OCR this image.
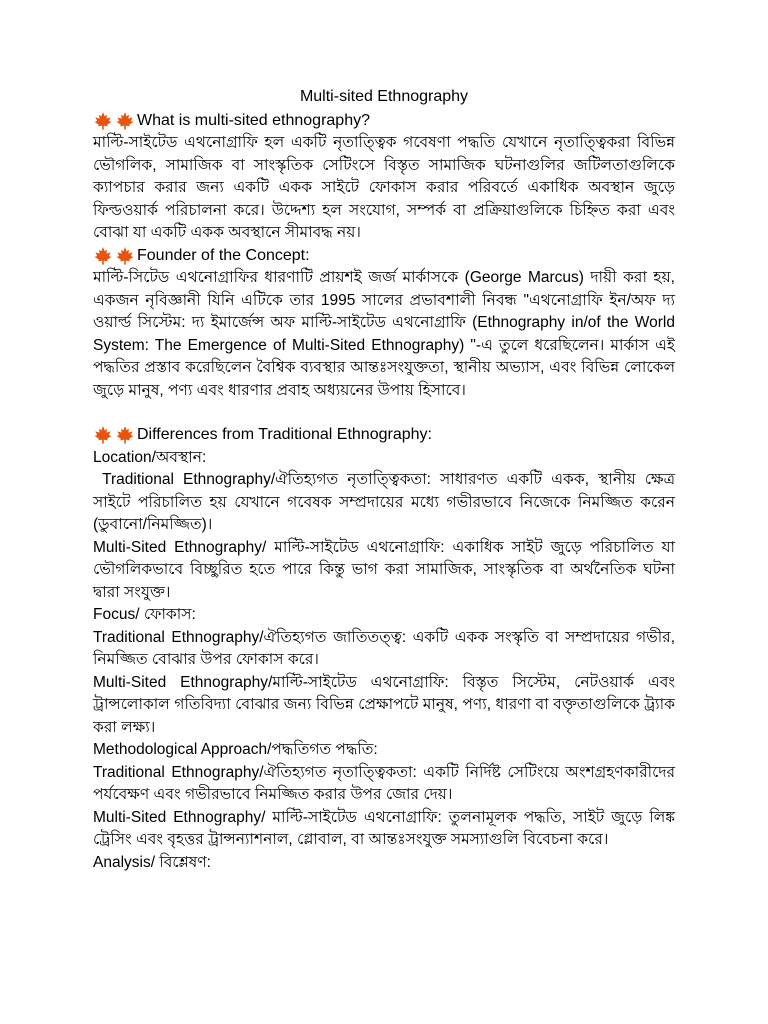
Multi-sited Ethnography

What is multi-sited ethnography?

মাল্টি-সাইটেড এথনোগ্রাফি হল একটি নৃতাত্ত্বিক গবেষণা পদ্ধতি যেখানে নৃতাত্ত্বিকরা বিভিন্ন ভৌগলিক, সামাজিক বা সাংস্কৃতিক সেটিংসে বিস্তৃত সামাজিক ঘটনাগুলির জটিলতাগুলিকে ক্যাপচার করার জন্য একটি একক সাইটে ফোকাস করার পরিবর্তে একাধিক অবস্থান জুড়ে ফিল্ডওয়ার্ক পরিচালনা করে। উদ্দেশ্য হল সংযোগ, সম্পর্ক বা প্রক্রিয়াগুলিকে চিহ্নিত করা এবং বোঝা যা একটি একক অবস্থানে সীমাবদ্ধ নয়।

Founder of the Concept:

মাল্টি-সিটেড এথনোগ্রাফির ধারণাটি প্রায়শই জর্জ মার্কাসকে (George Marcus) দায়ী করা হয়, একজন নৃবিজ্ঞানী যিনি এটিকে তার 1995 সালের প্রভাবশালী নিবন্ধ "এথনোগ্রাফি ইন/অফ দ্য ওয়ার্ল্ড সিস্টেম: দ্য ইমার্জেন্স অফ মাল্টি-সাইটেড এথনোগ্রাফি (Ethnography in/of the World System: The Emergence of Multi-Sited Ethnography) "-এ তুলে ধরেছিলেন। মার্কাস এই পদ্ধতির প্রস্তাব করেছিলেন বৈশ্বিক ব্যবস্থার আন্তঃসংযুক্ততা, স্থানীয় অভ্যাস, এবং বিভিন্ন লোকেল জুড়ে মানুষ, পণ্য এবং ধারণার প্রবাহ অধ্যয়নের উপায় হিসাবে।

Differences from Traditional Ethnography:

Location/অবস্থান:

Traditional Ethnography/ঐতিহ্যগত নৃতাত্ত্বিকতা: সাধারণত একটি একক, স্থানীয় ক্ষেত্র সাইটে পরিচালিত হয় যেখানে গবেষক সম্প্রদায়ের মধ্যে গভীরভাবে নিজেকে নিমজ্জিত করেন (ডুবানো/নিমজ্জিত)।

Multi-Sited Ethnography/ মাল্টি-সাইটেড এথনোগ্রাফি: একাধিক সাইট জুড়ে পরিচালিত যা ভৌগলিকভাবে বিচ্ছুরিত হতে পারে কিন্তু ভাগ করা সামাজিক, সাংস্কৃতিক বা অর্থনৈতিক ঘটনা দ্বারা সংযুক্ত।

Focus/ ফোকাস:

Traditional Ethnography/ঐতিহ্যগত জাতিতত্ত্ব: একটি একক সংস্কৃতি বা সম্প্রদায়ের গভীর, নিমজ্জিত বোঝার উপর ফোকাস করে।

Multi-Sited Ethnography/মাল্টি-সাইটেড এথনোগ্রাফি: বিস্তৃত সিস্টেম, নেটওয়ার্ক এবং ট্রান্সলোকাল গতিবিদ্যা বোঝার জন্য বিভিন্ন প্রেক্ষাপটে মানুষ, পণ্য, ধারণা বা বক্তৃতাগুলিকে ট্র্যাক করা লক্ষ্য।

Methodological Approach/পদ্ধতিগত পদ্ধতি:

Traditional Ethnography/ঐতিহ্যগত নৃতাত্ত্বিকতা: একটি নির্দিষ্ট সেটিংয়ে অংশগ্রহণকারীদের পর্যবেক্ষণ এবং গভীরভাবে নিমজ্জিত করার উপর জোর দেয়।

Multi-Sited Ethnography/ মাল্টি-সাইটেড এথনোগ্রাফি: তুলনামূলক পদ্ধতি, সাইট জুড়ে লিঙ্ক ট্রেসিং এবং বৃহত্তর ট্রান্সন্যাশনাল, গ্লোবাল, বা আন্তঃসংযুক্ত সমস্যাগুলি বিবেচনা করে।

Analysis/ বিশ্লেষণ:
